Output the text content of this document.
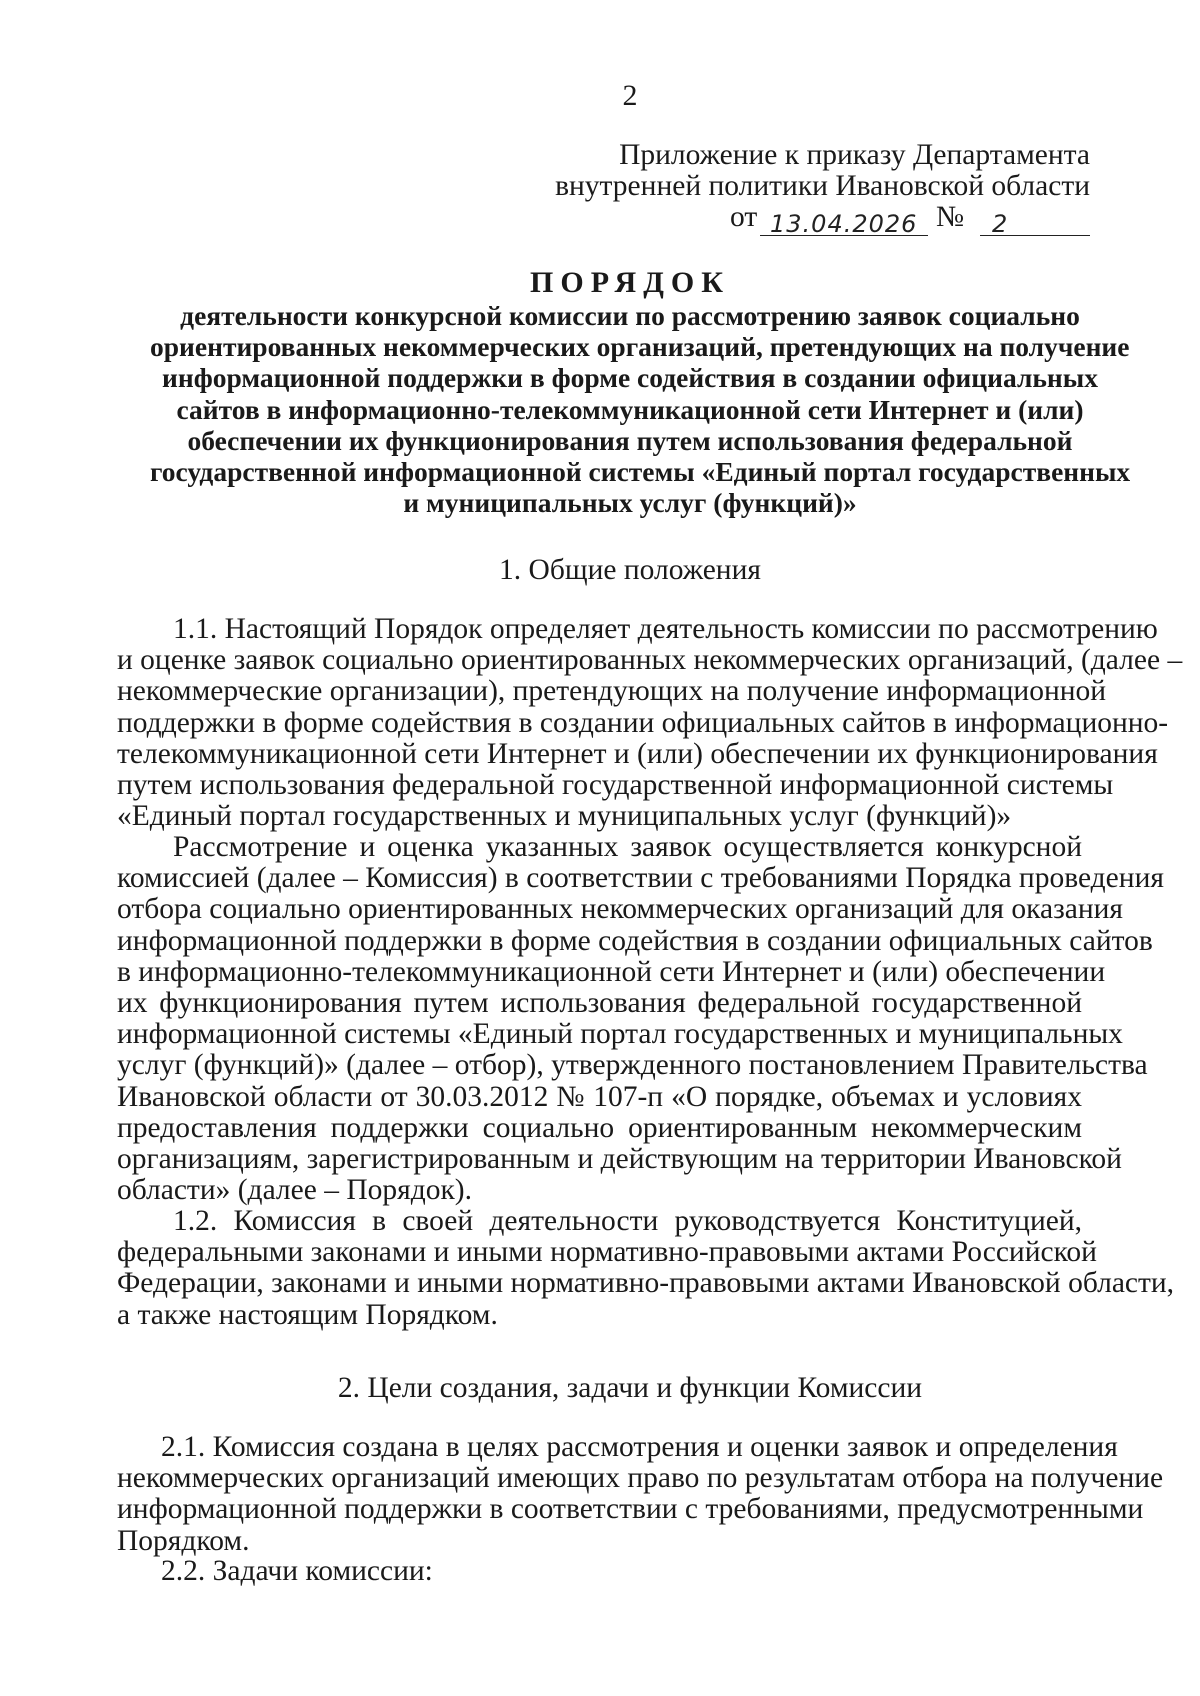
2
Приложение к приказу Департамента
внутренней политики Ивановской области
от 13.04.2026 № 2
ПОРЯДОК
деятельности конкурсной комиссии по рассмотрению заявок социально
ориентированных некоммерческих организаций, претендующих на получение
информационной поддержки в форме содействия в создании официальных
сайтов в информационно-телекоммуникационной сети Интернет и (или)
обеспечении их функционирования путем использования федеральной
государственной информационной системы «Единый портал государственных
и муниципальных услуг (функций)»
1. Общие положения
1.1. Настоящий Порядок определяет деятельность комиссии по рассмотрению
и оценке заявок социально ориентированных некоммерческих организаций, (далее –
некоммерческие организации), претендующих на получение информационной
поддержки в форме содействия в создании официальных сайтов в информационно-
телекоммуникационной сети Интернет и (или) обеспечении их функционирования
путем использования федеральной государственной информационной системы
«Единый портал государственных и муниципальных услуг (функций)»
Рассмотрение и оценка указанных заявок осуществляется конкурсной
комиссией (далее – Комиссия) в соответствии с требованиями Порядка проведения
отбора социально ориентированных некоммерческих организаций для оказания
информационной поддержки в форме содействия в создании официальных сайтов
в информационно-телекоммуникационной сети Интернет и (или) обеспечении
их функционирования путем использования федеральной государственной
информационной системы «Единый портал государственных и муниципальных
услуг (функций)» (далее – отбор), утвержденного постановлением Правительства
Ивановской области от 30.03.2012 № 107-п «О порядке, объемах и условиях
предоставления поддержки социально ориентированным некоммерческим
организациям, зарегистрированным и действующим на территории Ивановской
области» (далее – Порядок).
1.2. Комиссия в своей деятельности руководствуется Конституцией,
федеральными законами и иными нормативно-правовыми актами Российской
Федерации, законами и иными нормативно-правовыми актами Ивановской области,
а также настоящим Порядком.
2. Цели создания, задачи и функции Комиссии
2.1. Комиссия создана в целях рассмотрения и оценки заявок и определения
некоммерческих организаций имеющих право по результатам отбора на получение
информационной поддержки в соответствии с требованиями, предусмотренными
Порядком.
2.2. Задачи комиссии:
